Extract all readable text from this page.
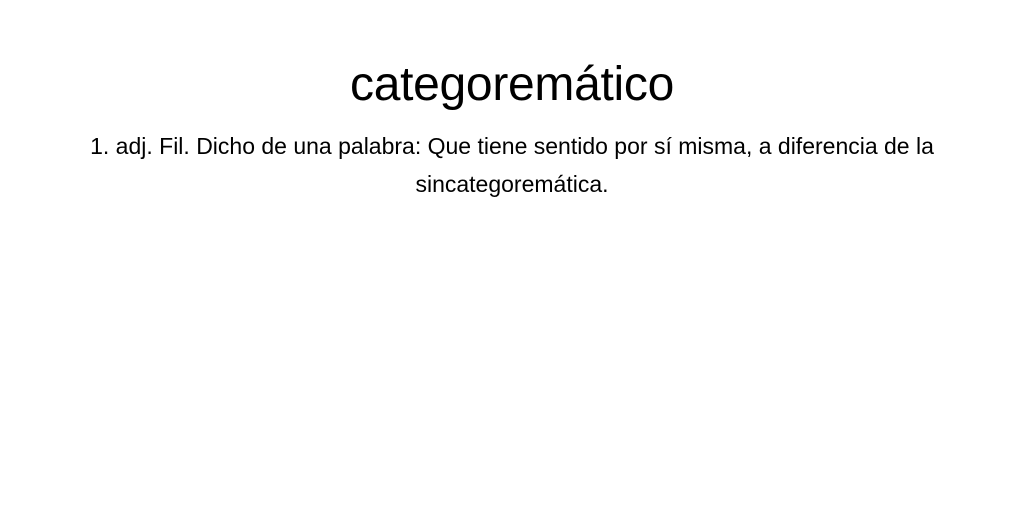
categoremático

1. adj. Fil. Dicho de una palabra: Que tiene sentido por sí misma, a diferencia de la sincategoremática.
